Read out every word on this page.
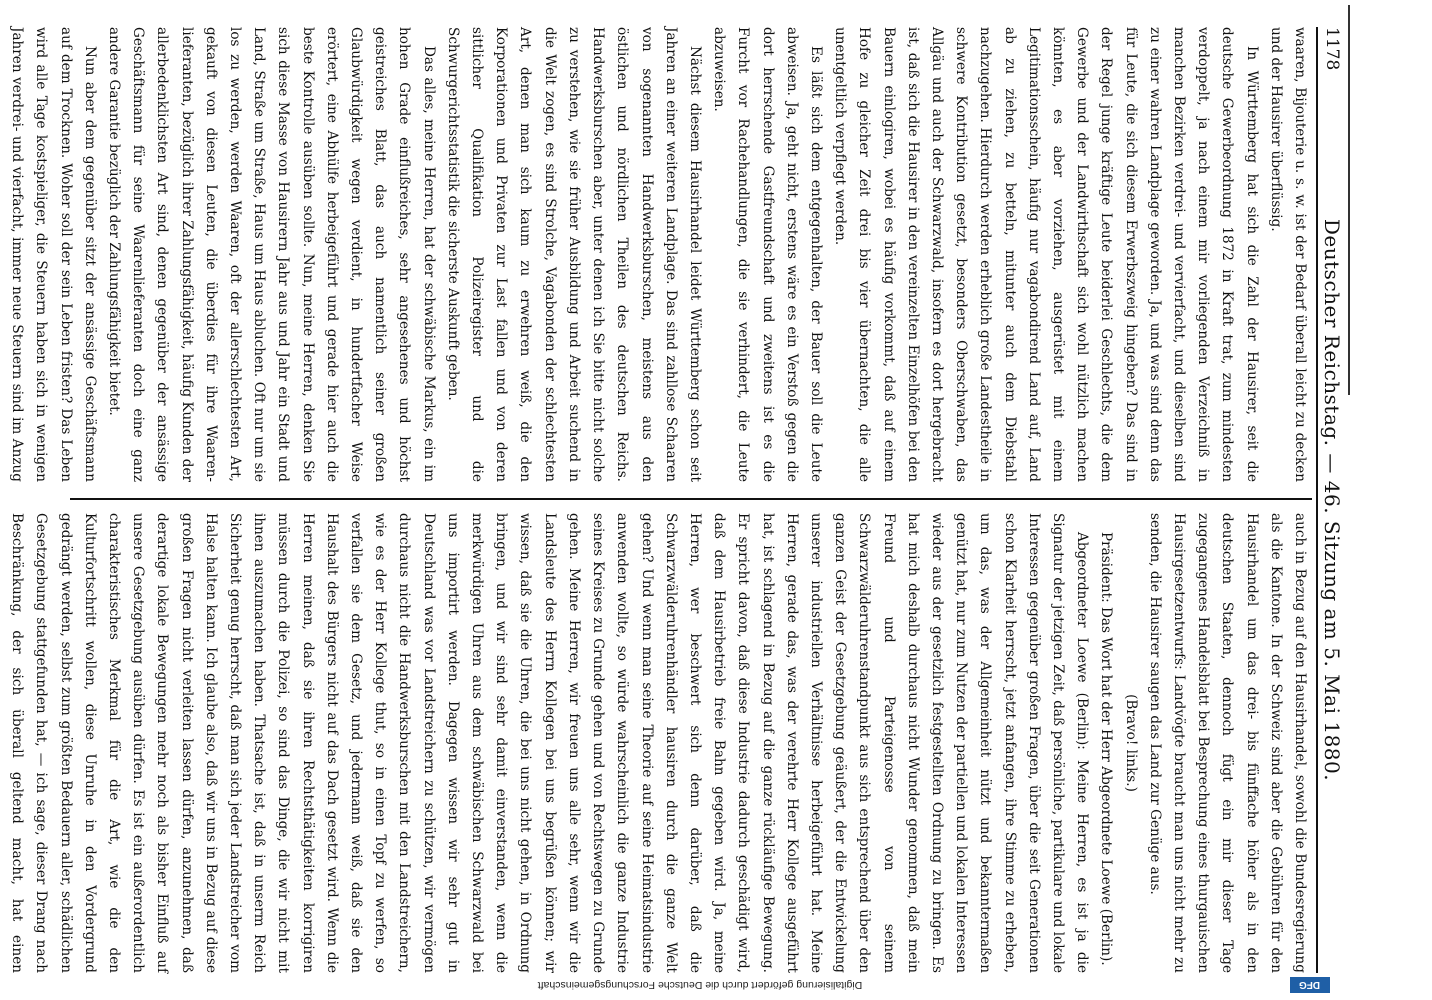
1178
Deutscher Reichstag. — 46. Sitzung am 5. Mai 1880.

waaren, Bijouterie u. s. w. ist der Bedarf überall leicht zu decken und der Hausirer überflüssig.

In Württemberg hat sich die Zahl der Hausirer, seit die deutsche Gewerbeordnung 1872 in Kraft trat, zum mindesten verdoppelt, ja nach einem mir vorliegenden Verzeichniß in manchen Bezirken verdrei- und vervierfacht, und dieselben sind zu einer wahren Landplage geworden. Ja, und was sind denn das für Leute, die sich diesem Erwerbszweig hingeben? Das sind in der Regel junge kräftige Leute beiderlei Geschlechts, die dem Gewerbe und der Landwirthschaft sich wohl nützlich machen könnten, es aber vorziehen, ausgerüstet mit einem Legitimationsschein, häufig nur vagabondirend Land auf, Land ab zu ziehen, zu betteln, mitunter auch dem Diebstahl nachzugehen. Hierdurch werden erheblich große Landestheile in schwere Kontribution gesetzt, besonders Oberschwaben, das Allgäu und auch der Schwarzwald, insofern es dort hergebracht ist, daß sich die Hausirer in den vereinzelten Einzelhöfen bei den Bauern einlogiren, wobei es häufig vorkommt, daß auf einem Hofe zu gleicher Zeit drei bis vier übernachten, die alle unentgeltlich verpflegt werden.

Es läßt sich dem entgegenhalten, der Bauer soll die Leute abweisen. Ja, geht nicht, erstens wäre es ein Verstoß gegen die dort herrschende Gastfreundschaft und zweitens ist es die Furcht vor Rachehandlungen, die sie verhindert, die Leute abzuweisen.

Nächst diesem Hausirhandel leidet Württemberg schon seit Jahren an einer weiteren Landplage. Das sind zahllose Schaaren von sogenannten Handwerksburschen, meistens aus den östlichen und nördlichen Theilen des deutschen Reichs. Handwerksburschen aber, unter denen ich Sie bitte nicht solche zu verstehen, wie sie früher Ausbildung und Arbeit suchend in die Welt zogen, es sind Strolche, Vagabonden der schlechtesten Art, denen man sich kaum zu erwehren weiß, die den Korporationen und Privaten zur Last fallen und von deren sittlicher Qualifikation Polizeiregister und die Schwurgerichtsstatistik die sicherste Auskunft geben.

Das alles, meine Herren, hat der schwäbische Markus, ein im hohen Grade einflußreiches, sehr angesehenes und höchst geistreiches Blatt, das auch namentlich seiner großen Glaubwürdigkeit wegen verdient, in hundertfacher Weise erörtert, eine Abhülfe herbeigeführt und gerade hier auch die beste Kontrolle ausüben sollte. Nun, meine Herren, denken Sie sich diese Masse von Hausirern Jahr aus und Jahr ein Stadt und Land, Straße um Straße, Haus um Haus abluchen. Oft nur um sie los zu werden, werden Waaren, oft der allerschlechtesten Art, gekauft von diesen Leuten, die überdies für ihre Waaren-lieferanten, bezüglich ihrer Zahlungsfähigkeit, häufig Kunden der allerbedenklichsten Art sind, denen gegenüber der ansässige Geschäftsmann für seine Waarenlieferanten doch eine ganz andere Garantie bezüglich der Zahlungsfähigkeit bietet.

Nun aber dem gegenüber sitzt der ansässige Geschäftsmann auf dem Trocknen. Woher soll der sein Leben fristen? Das Leben wird alle Tage kostspieliger, die Steuern haben sich in wenigen Jahren verdrei- und vierfacht, immer neue Steuern sind im Anzug

auch in Bezug auf den Hausirhandel, sowohl die Bundesregierung als die Kantone. In der Schweiz sind aber die Gebühren für den Hausirhandel um das drei- bis fünffache höher als in den deutschen Staaten, dennoch fügt ein mir dieser Tage zugegangenes Handelsblatt bei Besprechung eines thurgauischen Hausirgesetzentwurfs: Landvögte braucht man uns nicht mehr zu senden, die Hausirer saugen das Land zur Genüge aus.

(Bravo! links.)

Präsident: Das Wort hat der Herr Abgeordnete Loewe (Berlin).

Abgeordneter Loewe (Berlin): Meine Herren, es ist ja die Signatur der jetzigen Zeit, daß persönliche, partikulare und lokale Interessen gegenüber großen Fragen, über die seit Generationen schon Klarheit herrscht, jetzt anfangen, ihre Stimme zu erheben, um das, was der Allgemeinheit nützt und bekanntermaßen genützt hat, nur zum Nutzen der partiellen und lokalen Interessen wieder aus der gesetzlich festgestellten Ordnung zu bringen. Es hat mich deshalb durchaus nicht Wunder genommen, daß mein Freund und Parteigenosse von seinem Schwarzwälderuhrenstandpunkt aus sich entsprechend über den ganzen Geist der Gesetzgebung geäußert, der die Entwickelung unserer industriellen Verhältnisse herbeigeführt hat. Meine Herren, gerade das, was der verehrte Herr Kollege ausgeführt hat, ist schlagend in Bezug auf die ganze rückläufige Bewegung. Er spricht davon, daß diese Industrie dadurch geschädigt wird, daß dem Hausirbetrieb freie Bahn gegeben wird. Ja, meine Herren, wer beschwert sich denn darüber, daß die Schwarzwälderuhrenhändler hausiren durch die ganze Welt gehen? Und wenn man seine Theorie auf seine Heimatsindustrie anwenden wollte, so würde wahrscheinlich die ganze Industrie seines Kreises zu Grunde gehen und von Rechtswegen zu Grunde gehen. Meine Herren, wir freuen uns alle sehr, wenn wir die Landsleute des Herrn Kollegen bei uns begrüßen können; wir wissen, daß sie die Uhren, die bei uns nicht gehen, in Ordnung bringen, und wir sind sehr damit einverstanden, wenn die merkwürdigen Uhren aus dem schwäbischen Schwarzwald bei uns importirt werden. Dagegen wissen wir sehr gut in Deutschland was vor Landstreichern zu schützen, wir vermögen durchaus nicht die Handwerksburschen mit den Landstreichern, wie es der Herr Kollege thut, so in einen Topf zu werfen, so verfallen sie dem Gesetz, und jedermann weiß, daß sie den Haushalt des Bürgers nicht auf das Dach gesetzt wird. Wenn die Herren meinen, daß sie ihren Rechtsthätigkeiten korrigiren müssen durch die Polizei, so sind das Dinge, die wir nicht mit ihnen auszumachen haben. Thatsache ist, daß in unserm Reich Sicherheit genug herrscht, daß man sich jeder Landstreicher vom Halse halten kann. Ich glaube also, daß wir uns in Bezug auf diese großen Fragen nicht verleiten lassen dürfen, anzunehmen, daß derartige lokale Bewegungen mehr noch als bisher Einfluß auf unsere Gesetzgebung ausüben dürfen. Es ist ein außerordentlich charakteristisches Merkmal für die Art, wie die den Kulturfortschritt wollen, diese Unruhe in den Vordergrund gedrängt werden, selbst zum größten Bedauern aller, schädlichen Gesetzgebung stattgefunden hat, — ich sage, dieser Drang nach Beschränkung, der sich überall geltend macht, hat einen

DFG
Digitalisierung gefördert durch die Deutsche Forschungsgemeinschaft
